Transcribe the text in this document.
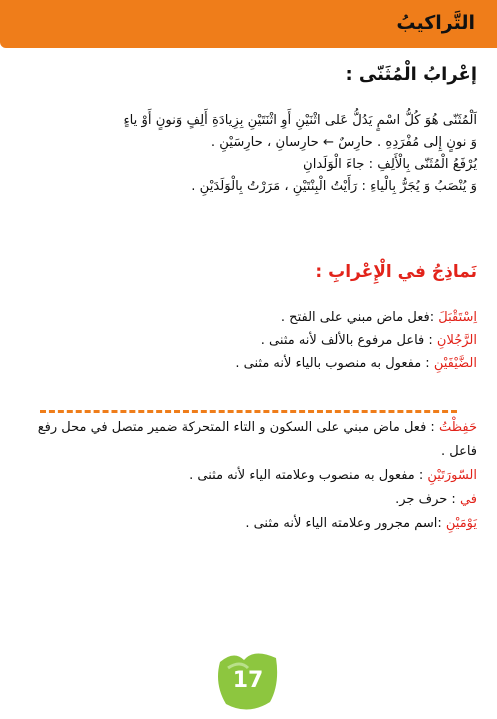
التَّراكيبُ
إعْرابُ الْمُثَنّى :
اَلْمُثَنّى هُوَ كُلُّ اسْمٍ يَدُلُّ عَلى اثْنَيْنِ أَوِ اثْنَتَيْنِ بِزِيادَةِ أَلِفٍ وَنونٍ أَوْ ياءٍ
وَ نونٍ إِلى مُفْرَدِهِ . حارِسٌ ← حارِسانِ ، حارِسَيْنِ .
يُرْفَعُ الْمُثَنّى بِالْأَلِفِ : جاءَ الْوَلَدانِ
وَ يُنْصَبُ وَ يُجَرُّ بِالْياءِ : رَأَيْتُ الْبِنْتَيْنِ ، مَرَرْتُ بِالْوَلَدَيْنِ .
نَماذِجُ في الْإِعْرابِ :
اِسْتَقْبَلَ :فعل ماض مبني على الفتح .
الرَّجُلانِ : فاعل مرفوع بالألف لأنه مثنى .
الضَّيْفَيْنِ : مفعول به منصوب بالياء لأنه مثنى .
حَفِظْتُ : فعل ماض مبني على السكون و التاء المتحركة ضمير متصل في محل رفع فاعل .
السّورَتَيْنِ : مفعول به منصوب وعلامته الياء لأنه مثنى .
في : حرف جر.
يَوْمَيْنِ :اسم مجرور وعلامته الياء لأنه مثنى .
17
